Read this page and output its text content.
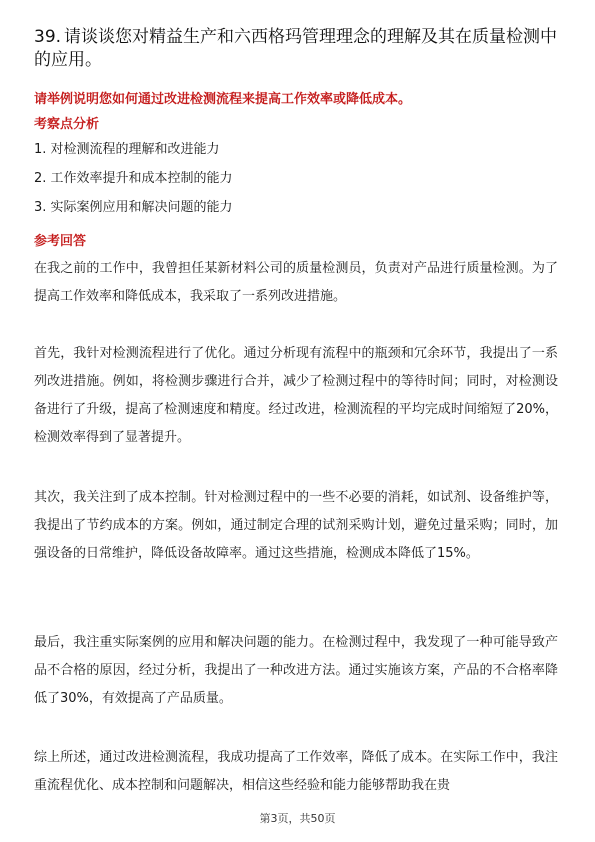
39. 请谈谈您对精益生产和六西格玛管理理念的理解及其在质量检测中的应用。
请举例说明您如何通过改进检测流程来提高工作效率或降低成本。
考察点分析
1. 对检测流程的理解和改进能力
2. 工作效率提升和成本控制的能力
3. 实际案例应用和解决问题的能力
参考回答

在我之前的工作中，我曾担任某新材料公司的质量检测员，负责对产品进行质量检测。为了提高工作效率和降低成本，我采取了一系列改进措施。

首先，我针对检测流程进行了优化。通过分析现有流程中的瓶颈和冗余环节，我提出了一系列改进措施。例如，将检测步骤进行合并，减少了检测过程中的等待时间；同时，对检测设备进行了升级，提高了检测速度和精度。经过改进，检测流程的平均完成时间缩短了20%，检测效率得到了显著提升。

其次，我关注到了成本控制。针对检测过程中的一些不必要的消耗，如试剂、设备维护等，我提出了节约成本的方案。例如，通过制定合理的试剂采购计划，避免过量采购；同时，加强设备的日常维护，降低设备故障率。通过这些措施，检测成本降低了15%。

最后，我注重实际案例的应用和解决问题的能力。在检测过程中，我发现了一种可能导致产品不合格的原因，经过分析，我提出了一种改进方法。通过实施该方案，产品的不合格率降低了30%，有效提高了产品质量。

综上所述，通过改进检测流程，我成功提高了工作效率，降低了成本。在实际工作中，我注重流程优化、成本控制和问题解决，相信这些经验和能力能够帮助我在贵

第3页，共50页
